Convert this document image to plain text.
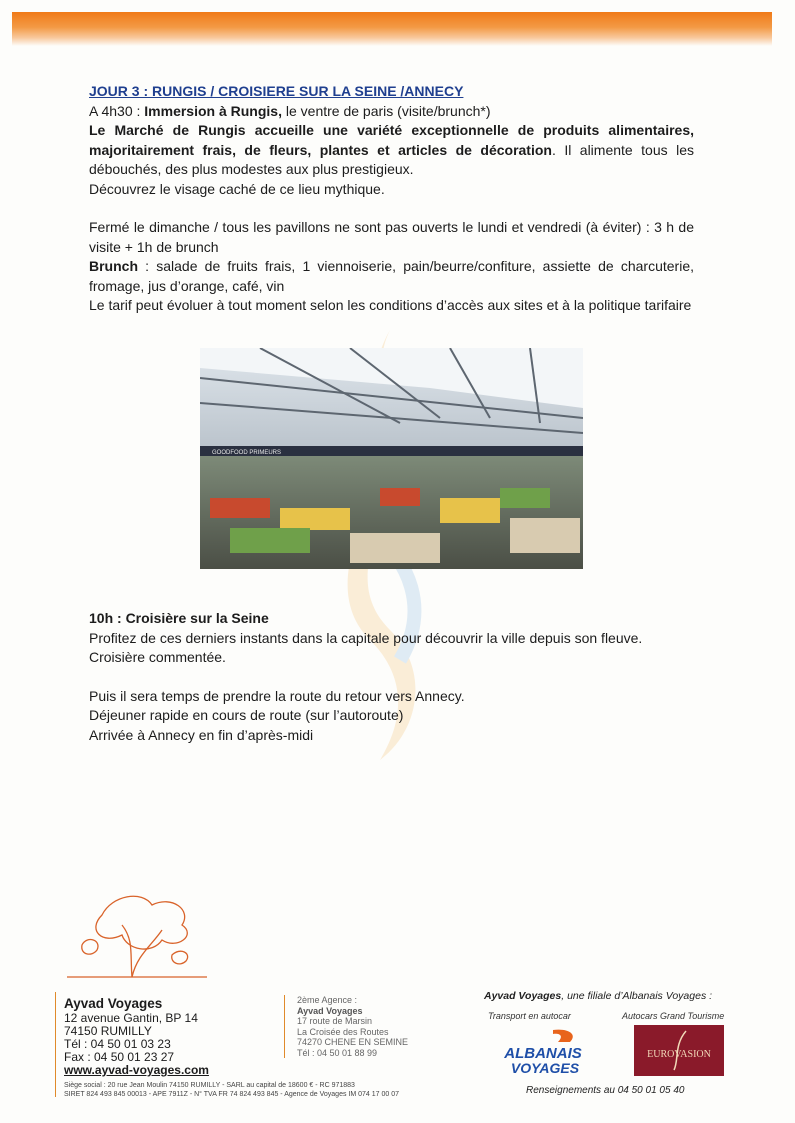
JOUR 3 : RUNGIS / CROISIERE SUR LA SEINE /ANNECY

A 4h30 : Immersion à Rungis, le ventre de paris (visite/brunch*)

Le Marché de Rungis accueille une variété exceptionnelle de produits alimentaires, majoritairement frais, de fleurs, plantes et articles de décoration. Il alimente tous les débouchés, des plus modestes aux plus prestigieux.

Découvrez le visage caché de ce lieu mythique.

Fermé le dimanche / tous les pavillons ne sont pas ouverts le lundi et vendredi (à éviter) : 3 h de visite + 1h de brunch

Brunch : salade de fruits frais, 1 viennoiserie, pain/beurre/confiture, assiette de charcuterie, fromage, jus d’orange, café, vin

Le tarif peut évoluer à tout moment selon les conditions d’accès aux sites et à la politique tarifaire

GOODFOOD PRIMEURS

10h : Croisière sur la Seine

Profitez de ces derniers instants dans la capitale pour découvrir la ville depuis son fleuve.

Croisière commentée.

Puis il sera temps de prendre la route du retour vers Annecy.

Déjeuner rapide en cours de route (sur l’autoroute)

Arrivée à Annecy en fin d’après-midi

Ayvad Voyages
12 avenue Gantin, BP 14
74150 RUMILLY
Tél : 04 50 01 03 23
Fax : 04 50 01 23 27
www.ayvad-voyages.com
Siège social : 20 rue Jean Moulin 74150 RUMILLY - SARL au capital de 18600 € - RC 971883
SIRET 824 493 845 00013 - APE 7911Z - N° TVA FR 74 824 493 845 - Agence de Voyages IM 074 17 00 07
2ème Agence :
Ayvad Voyages
17 route de Marsin
La Croisée des Routes
74270 CHENE EN SEMINE
Tél : 04 50 01 88 99
Ayvad Voyages, une filiale d’Albanais Voyages :
Transport en autocar	Autocars Grand Tourisme
ALBANAIS
VOYAGES
EUROVASION
Renseignements au 04 50 01 05 40
